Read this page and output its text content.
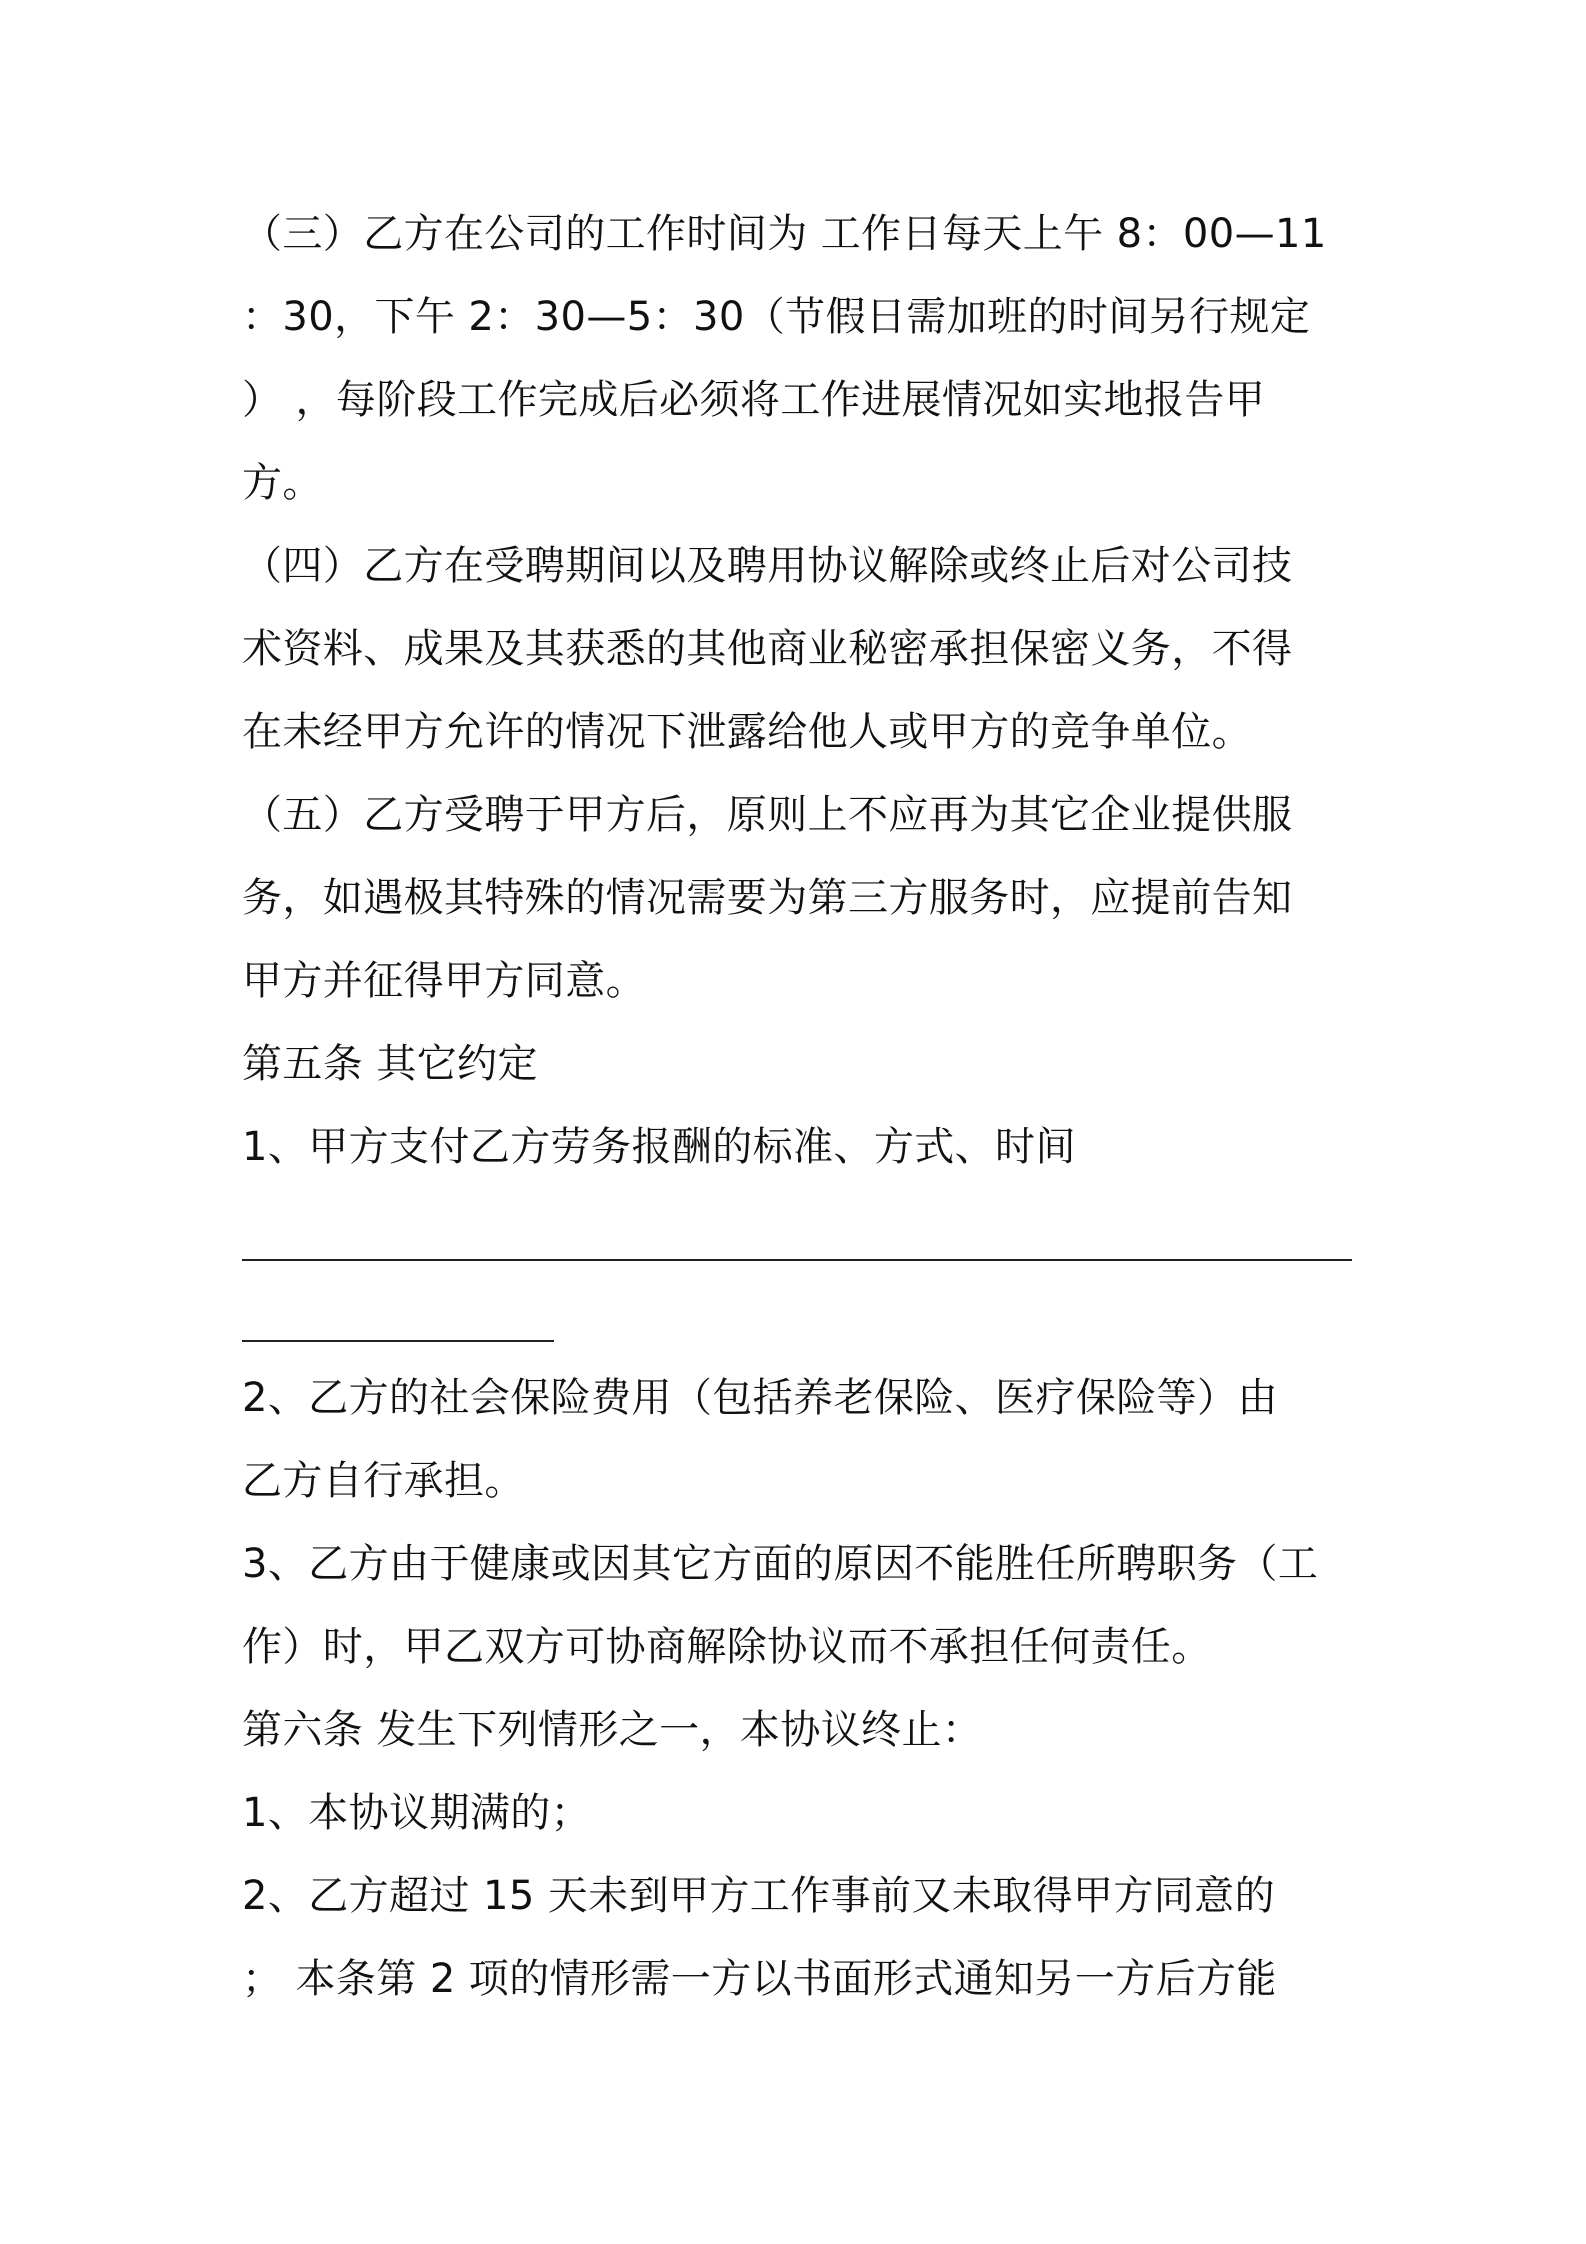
（三）乙方在公司的工作时间为 工作日每天上午 8：00—11
：30，下午 2：30—5：30（节假日需加班的时间另行规定
） ，每阶段工作完成后必须将工作进展情况如实地报告甲
方。
（四）乙方在受聘期间以及聘用协议解除或终止后对公司技
术资料、成果及其获悉的其他商业秘密承担保密义务，不得
在未经甲方允许的情况下泄露给他人或甲方的竞争单位。
（五）乙方受聘于甲方后，原则上不应再为其它企业提供服
务，如遇极其特殊的情况需要为第三方服务时，应提前告知
甲方并征得甲方同意。
第五条 其它约定
1、甲方支付乙方劳务报酬的标准、方式、时间
2、乙方的社会保险费用（包括养老保险、医疗保险等）由
乙方自行承担。
3、乙方由于健康或因其它方面的原因不能胜任所聘职务（工
作）时，甲乙双方可协商解除协议而不承担任何责任。
第六条 发生下列情形之一，本协议终止：
1、本协议期满的；
2、乙方超过 15 天未到甲方工作事前又未取得甲方同意的
； 本条第 2 项的情形需一方以书面形式通知另一方后方能
